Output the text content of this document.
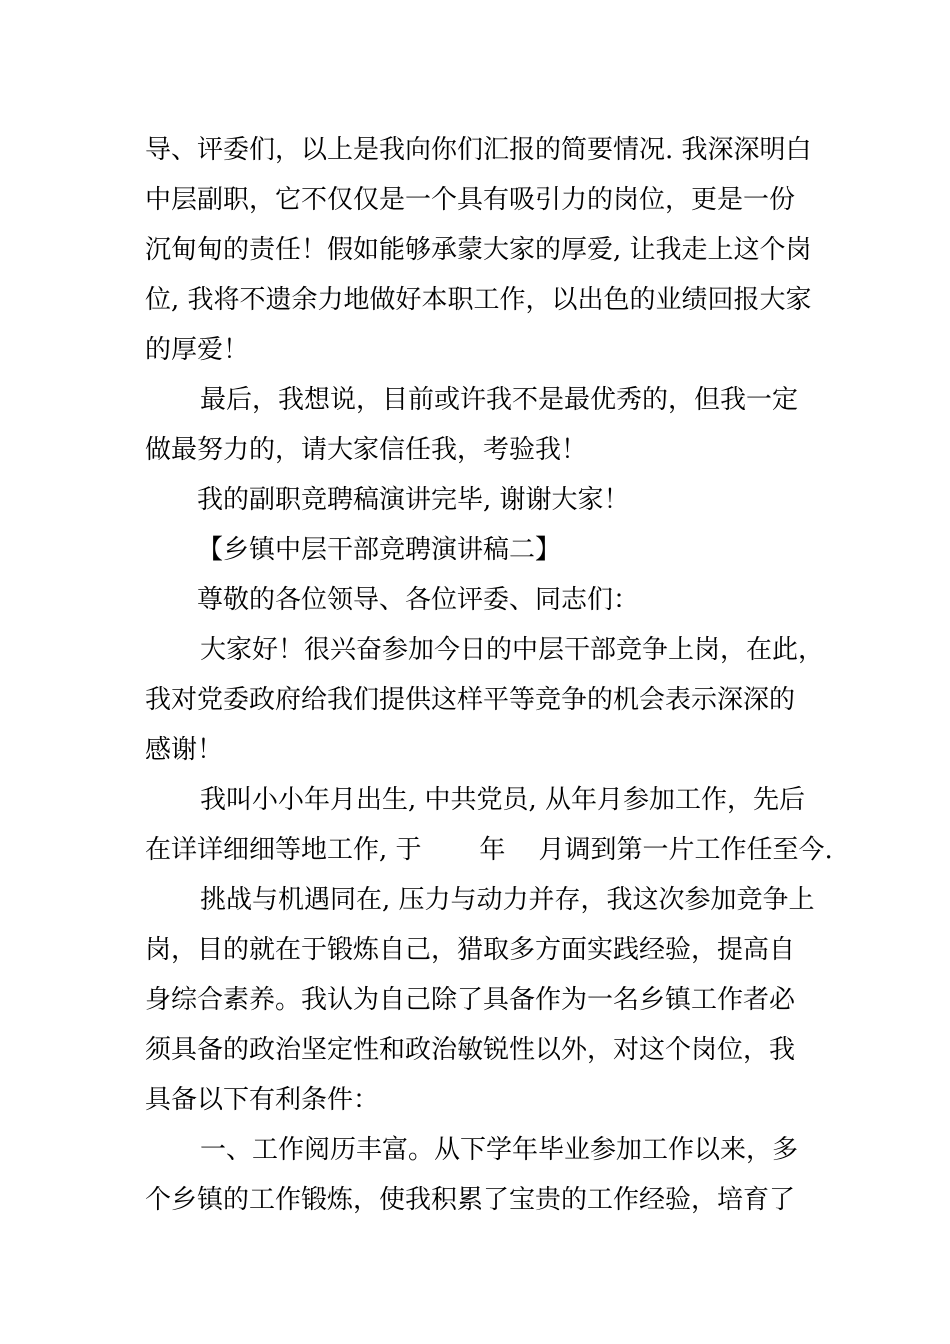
导、评委们，以上是我向你们汇报的简要情况. 我深深明白
中层副职，它不仅仅是一个具有吸引力的岗位，更是一份
沉甸甸的责任！假如能够承蒙大家的厚爱, 让我走上这个岗
位, 我将不遗余力地做好本职工作，以出色的业绩回报大家
的厚爱！
最后，我想说，目前或许我不是最优秀的，但我一定
做最努力的，请大家信任我，考验我！
我的副职竞聘稿演讲完毕, 谢谢大家！
【乡镇中层干部竞聘演讲稿二】
尊敬的各位领导、各位评委、同志们：
大家好！很兴奋参加今日的中层干部竞争上岗，在此，
我对党委政府给我们提供这样平等竞争的机会表示深深的
感谢！
我叫小小年月出生, 中共党员, 从年月参加工作，先后
在详详细细等地工作, 于       年    月调到第一片工作任至今.
挑战与机遇同在, 压力与动力并存，我这次参加竞争上
岗，目的就在于锻炼自己，猎取多方面实践经验，提高自
身综合素养。我认为自己除了具备作为一名乡镇工作者必
须具备的政治坚定性和政治敏锐性以外，对这个岗位，我
具备以下有利条件：
一、工作阅历丰富。从下学年毕业参加工作以来，多
个乡镇的工作锻炼，使我积累了宝贵的工作经验，培育了
